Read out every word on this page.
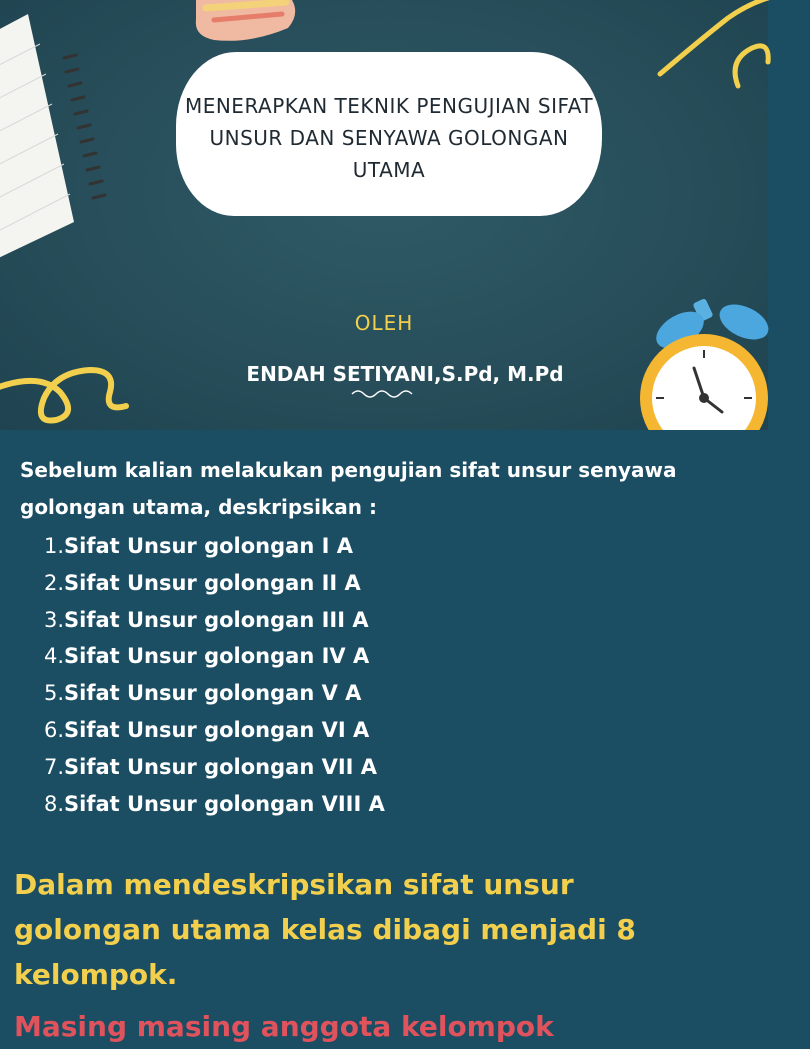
MENERAPKAN TEKNIK PENGUJIAN SIFAT UNSUR DAN SENYAWA GOLONGAN UTAMA
OLEH
ENDAH SETIYANI,S.Pd, M.Pd

Sebelum kalian melakukan pengujian sifat unsur senyawa golongan utama, deskripsikan :

1.Sifat Unsur golongan I A
2.Sifat Unsur golongan II A
3.Sifat Unsur golongan III A
4.Sifat Unsur golongan IV A
5.Sifat Unsur golongan V A
6.Sifat Unsur golongan VI A
7.Sifat Unsur golongan VII A
8.Sifat Unsur golongan VIII A

Dalam mendeskripsikan sifat unsur golongan utama kelas dibagi menjadi 8 kelompok.

Masing masing anggota kelompok
